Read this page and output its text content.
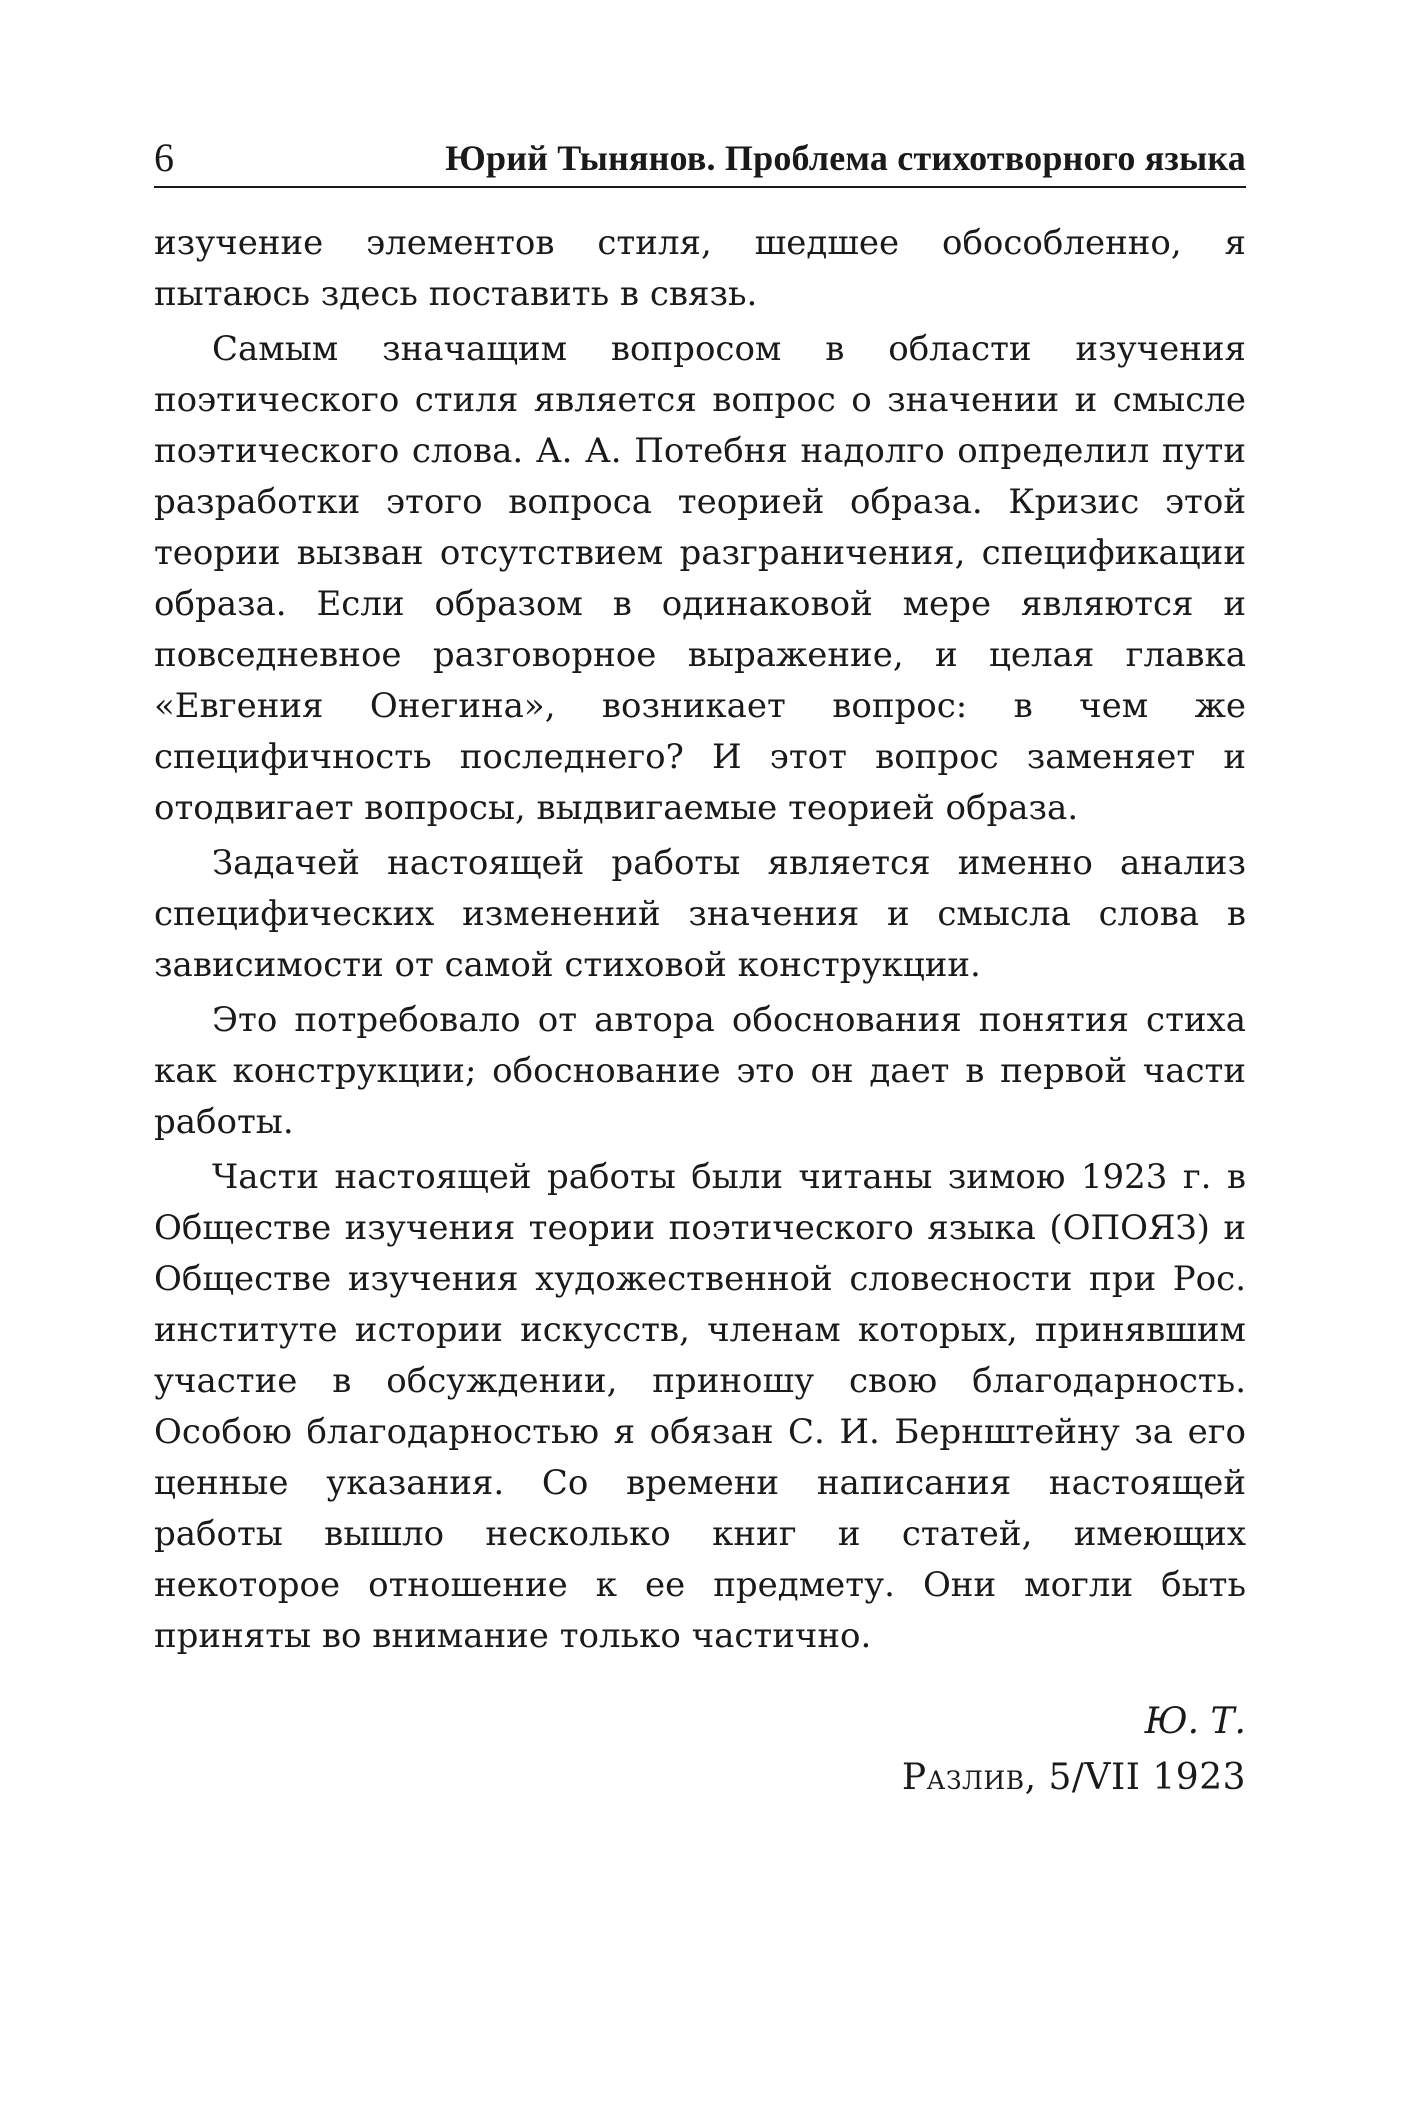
6	Юрий Тынянов. Проблема стихотворного языка

изучение элементов стиля, шедшее обособленно, я пытаюсь здесь поставить в связь.

Самым значащим вопросом в области изучения поэтического стиля является вопрос о значении и смысле поэтического слова. А. А. Потебня надолго определил пути разработки этого вопроса теорией образа. Кризис этой теории вызван отсутствием разграничения, спецификации образа. Если образом в одинаковой мере являются и повседневное разговорное выражение, и целая главка «Евгения Онегина», возникает вопрос: в чем же специфичность последнего? И этот вопрос заменяет и отодвигает вопросы, выдвигаемые теорией образа.

Задачей настоящей работы является именно анализ специфических изменений значения и смысла слова в зависимости от самой стиховой конструкции.

Это потребовало от автора обоснования понятия стиха как конструкции; обоснование это он дает в первой части работы.

Части настоящей работы были читаны зимою 1923 г. в Обществе изучения теории поэтического языка (ОПОЯЗ) и Обществе изучения художественной словесности при Рос. институте истории искусств, членам которых, принявшим участие в обсуждении, приношу свою благодарность. Особою благодарностью я обязан С. И. Бернштейну за его ценные указания. Со времени написания настоящей работы вышло несколько книг и статей, имеющих некоторое отношение к ее предмету. Они могли быть приняты во внимание только частично.

Ю. Т.
Разлив, 5/VII 1923
